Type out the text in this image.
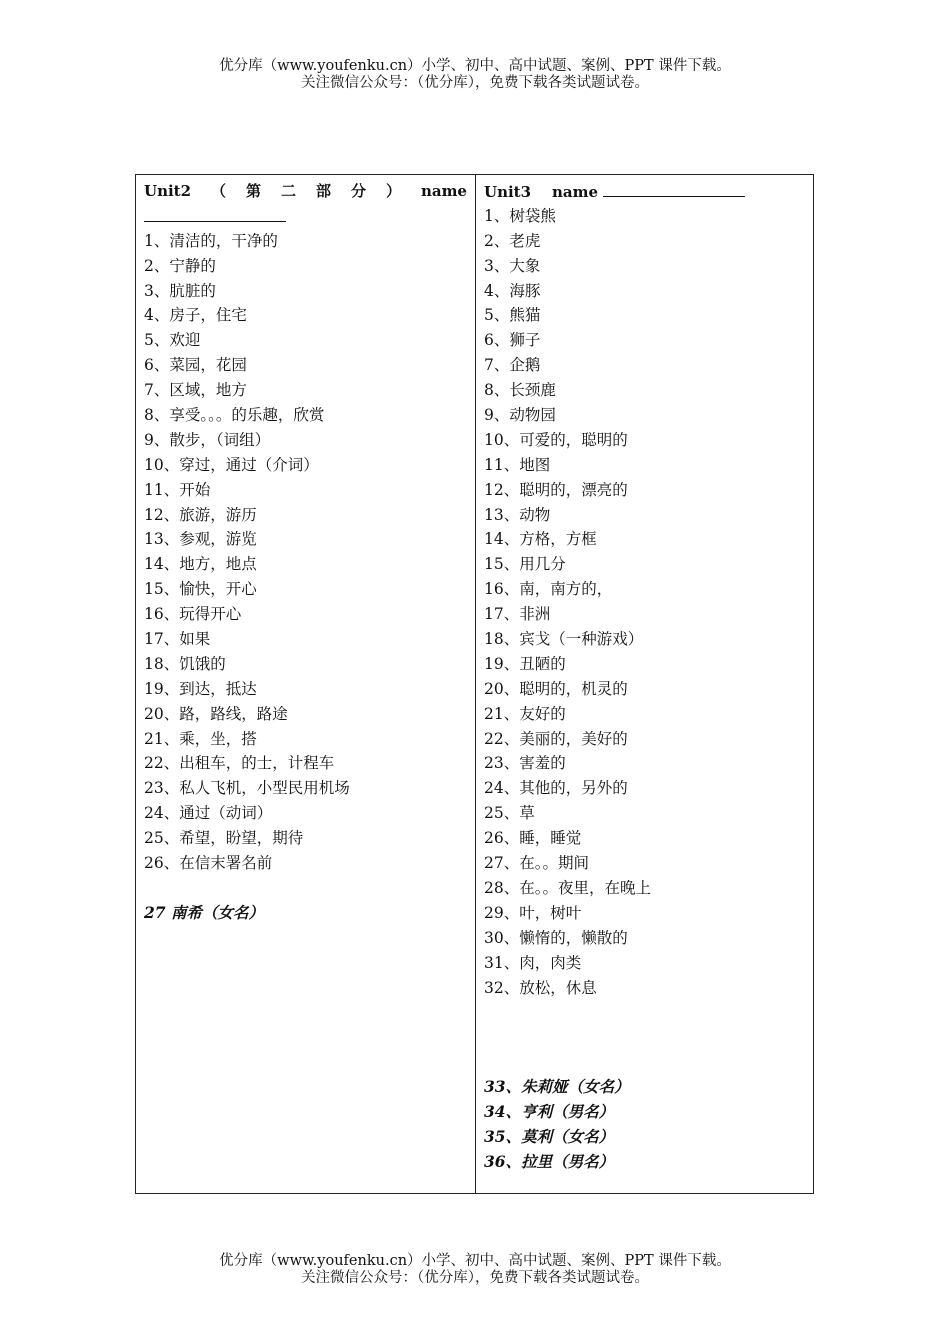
优分库（www.youfenku.cn）小学、初中、高中试题、案例、PPT 课件下载。
关注微信公众号：（优分库），免费下载各类试题试卷。
Unit2 （ 第 二 部 分 ） name
1、清洁的，干净的
2、宁静的
3、肮脏的
4、房子，住宅
5、欢迎
6、菜园，花园
7、区域，地方
8、享受。。。的乐趣，欣赏
9、散步，（词组）
10、穿过，通过（介词）
11、开始
12、旅游，游历
13、参观，游览
14、地方，地点
15、愉快，开心
16、玩得开心
17、如果
18、饥饿的
19、到达，抵达
20、路，路线，路途
21、乘，坐，搭
22、出租车，的士，计程车
23、私人飞机，小型民用机场
24、通过（动词）
25、希望，盼望，期待
26、在信末署名前
27 南希（女名）
Unit3 name
1、树袋熊
2、老虎
3、大象
4、海豚
5、熊猫
6、狮子
7、企鹅
8、长颈鹿
9、动物园
10、可爱的，聪明的
11、地图
12、聪明的，漂亮的
13、动物
14、方格，方框
15、用几分
16、南，南方的，
17、非洲
18、宾戈（一种游戏）
19、丑陋的
20、聪明的，机灵的
21、友好的
22、美丽的，美好的
23、害羞的
24、其他的，另外的
25、草
26、睡，睡觉
27、在。。期间
28、在。。夜里，在晚上
29、叶，树叶
30、懒惰的，懒散的
31、肉，肉类
32、放松，休息
33、朱莉娅（女名）
34、亨利（男名）
35、莫利（女名）
36、拉里（男名）
优分库（www.youfenku.cn）小学、初中、高中试题、案例、PPT 课件下载。
关注微信公众号：（优分库），免费下载各类试题试卷。
